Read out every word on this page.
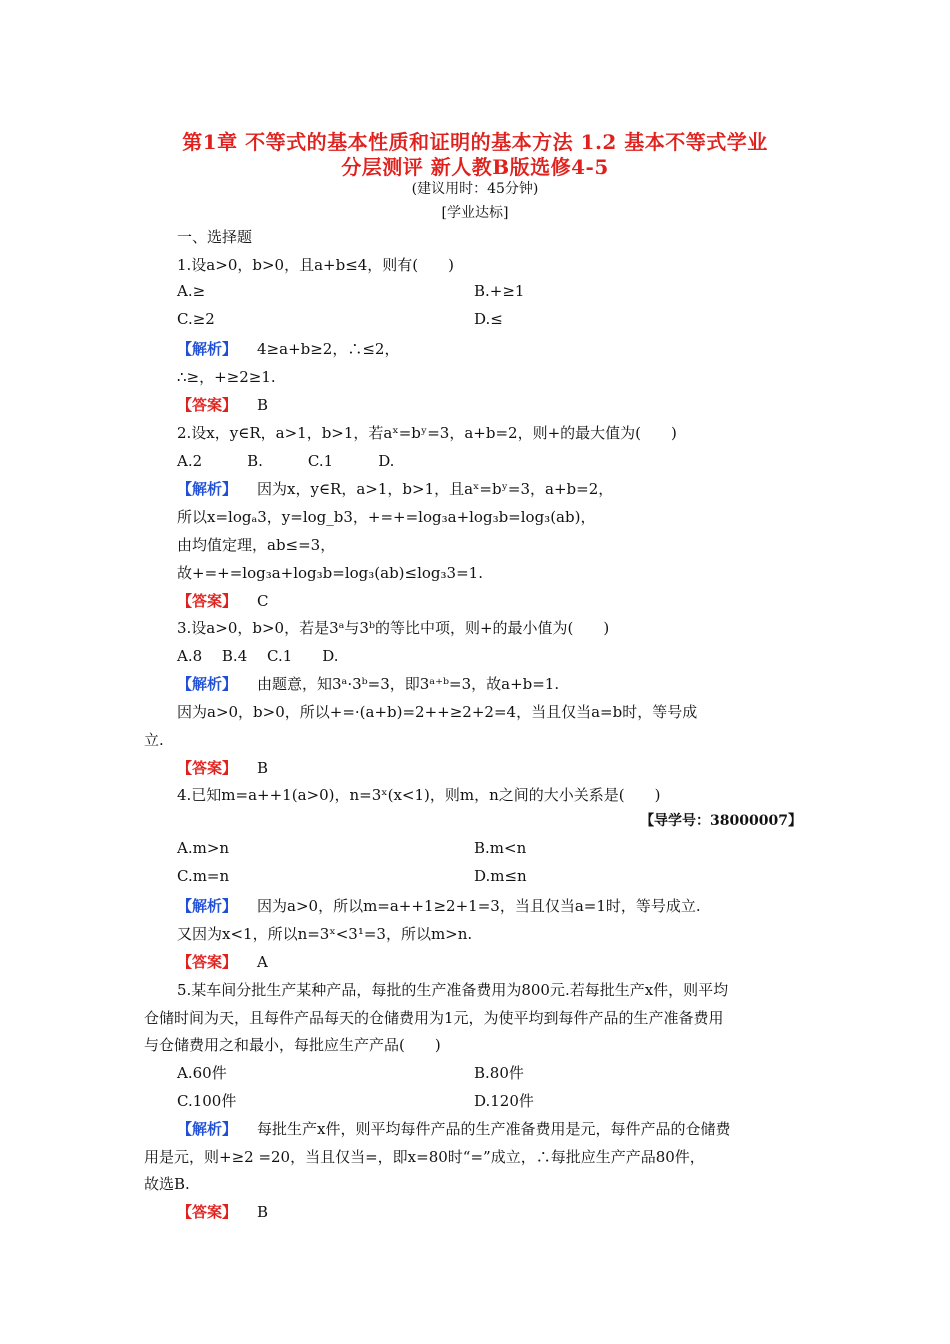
第1章 不等式的基本性质和证明的基本方法 1.2 基本不等式学业
分层测评 新人教B版选修4-5
(建议用时：45分钟)
[学业达标]
一、选择题
1.设a>0，b>0，且a+b≤4，则有(　　)
A.≥	B.+≥1
C.≥2	D.≤
【解析】 4≥a+b≥2，∴≤2，
∴≥，+≥2≥1.
【答案】 B
2.设x，y∈R，a>1，b>1，若aˣ=bʸ=3，a+b=2，则+的最大值为(　　)
A.2　　　B.　　　C.1　　　D.
【解析】 因为x，y∈R，a>1，b>1，且aˣ=bʸ=3，a+b=2，
所以x=logₐ3，y=log_b3，+=+=log₃a+log₃b=log₃(ab)，
由均值定理，ab≤=3，
故+=+=log₃a+log₃b=log₃(ab)≤log₃3=1.
【答案】 C
3.设a>0，b>0，若是3ᵃ与3ᵇ的等比中项，则+的最小值为(　　)
A.8　 B.4　 C.1　　D.
【解析】 由题意，知3ᵃ·3ᵇ=3，即3ᵃ⁺ᵇ=3，故a+b=1.
因为a>0，b>0，所以+=·(a+b)=2++≥2+2=4，当且仅当a=b时，等号成
立.
【答案】 B
4.已知m=a++1(a>0)，n=3ˣ(x<1)，则m，n之间的大小关系是(　　)
【导学号：38000007】
A.m>n	B.m<n
C.m=n	D.m≤n
【解析】 因为a>0，所以m=a++1≥2+1=3，当且仅当a=1时，等号成立.
又因为x<1，所以n=3ˣ<3¹=3，所以m>n.
【答案】 A
5.某车间分批生产某种产品，每批的生产准备费用为800元.若每批生产x件，则平均
仓储时间为天，且每件产品每天的仓储费用为1元，为使平均到每件产品的生产准备费用
与仓储费用之和最小，每批应生产产品(　　)
A.60件	B.80件
C.100件	D.120件
【解析】 每批生产x件，则平均每件产品的生产准备费用是元，每件产品的仓储费
用是元，则+≥2 =20，当且仅当=，即x=80时“=”成立，∴每批应生产产品80件，
故选B.
【答案】 B
